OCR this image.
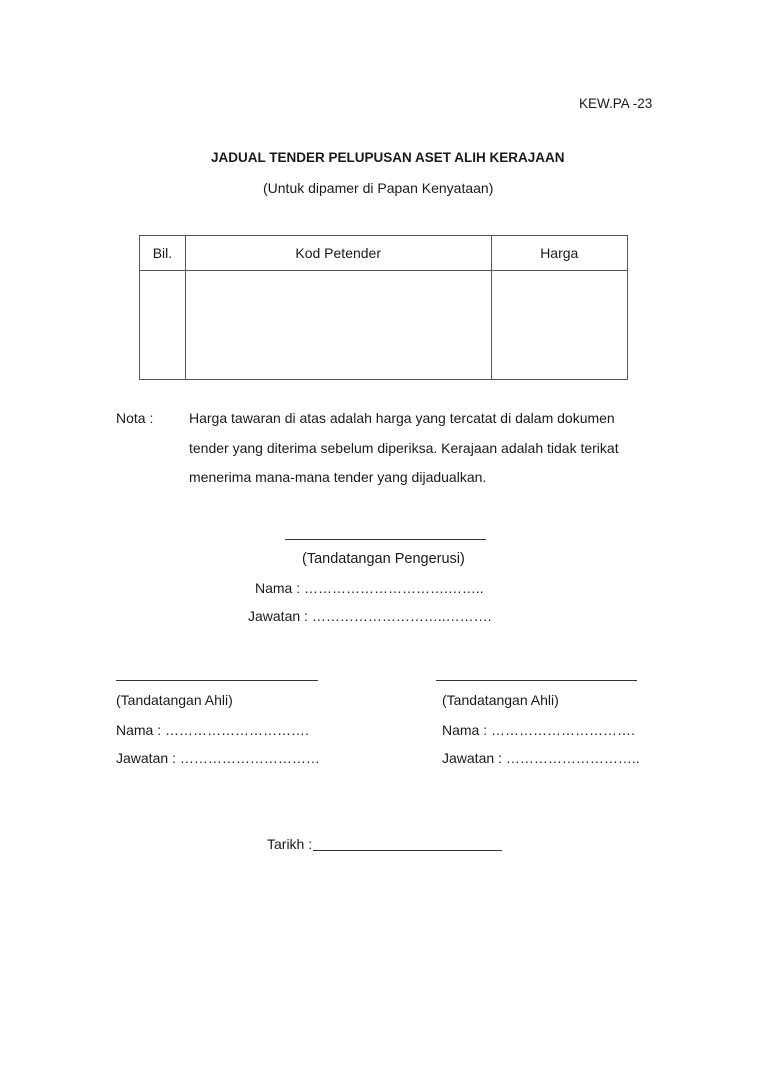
KEW.PA -23
JADUAL TENDER PELUPUSAN ASET ALIH KERAJAAN
(Untuk dipamer di Papan Kenyataan)
Bil.	Kod Petender	Harga

Nota :	Harga tawaran di atas adalah harga yang tercatat di dalam dokumen
tender yang diterima sebelum diperiksa. Kerajaan adalah tidak terikat
menerima mana-mana tender yang dijadualkan.
(Tandatangan Pengerusi)
Nama : ………………………….……..
Jawatan : ………………………..……….
(Tandatangan Ahli)
Nama : ………………………….
Jawatan : …………………………
(Tandatangan Ahli)
Nama : ………………………….
Jawatan : ………………………..
Tarikh :
